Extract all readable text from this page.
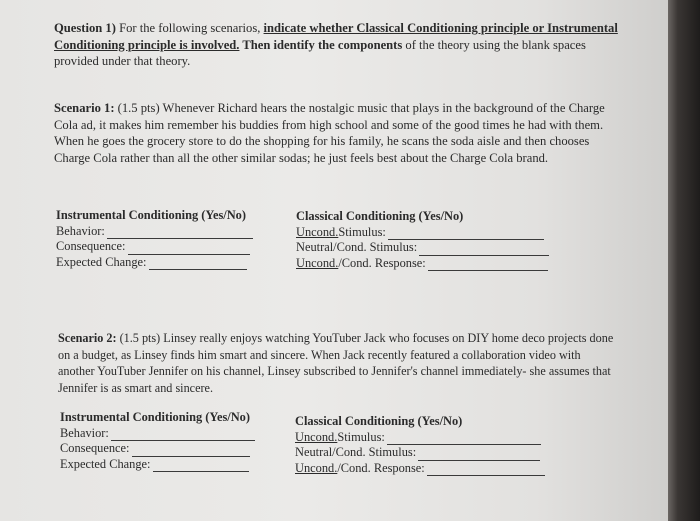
Question 1) For the following scenarios, indicate whether Classical Conditioning principle or Instrumental Conditioning principle is involved. Then identify the components of the theory using the blank spaces provided under that theory.
Scenario 1: (1.5 pts) Whenever Richard hears the nostalgic music that plays in the background of the Charge Cola ad, it makes him remember his buddies from high school and some of the good times he had with them. When he goes the grocery store to do the shopping for his family, he scans the soda aisle and then chooses Charge Cola rather than all the other similar sodas; he just feels best about the Charge Cola brand.
Instrumental Conditioning (Yes/No)
Behavior:
Consequence:
Expected Change:
Classical Conditioning (Yes/No)
Uncond. Stimulus:
Neutral/Cond. Stimulus:
Uncond. /Cond. Response:
Scenario 2: (1.5 pts) Linsey really enjoys watching YouTuber Jack who focuses on DIY home deco projects done on a budget, as Linsey finds him smart and sincere. When Jack recently featured a collaboration video with another YouTuber Jennifer on his channel, Linsey subscribed to Jennifer's channel immediately- she assumes that Jennifer is as smart and sincere.
Instrumental Conditioning (Yes/No)
Behavior:
Consequence:
Expected Change:
Classical Conditioning (Yes/No)
Uncond. Stimulus:
Neutral/Cond. Stimulus:
Uncond. /Cond. Response:
